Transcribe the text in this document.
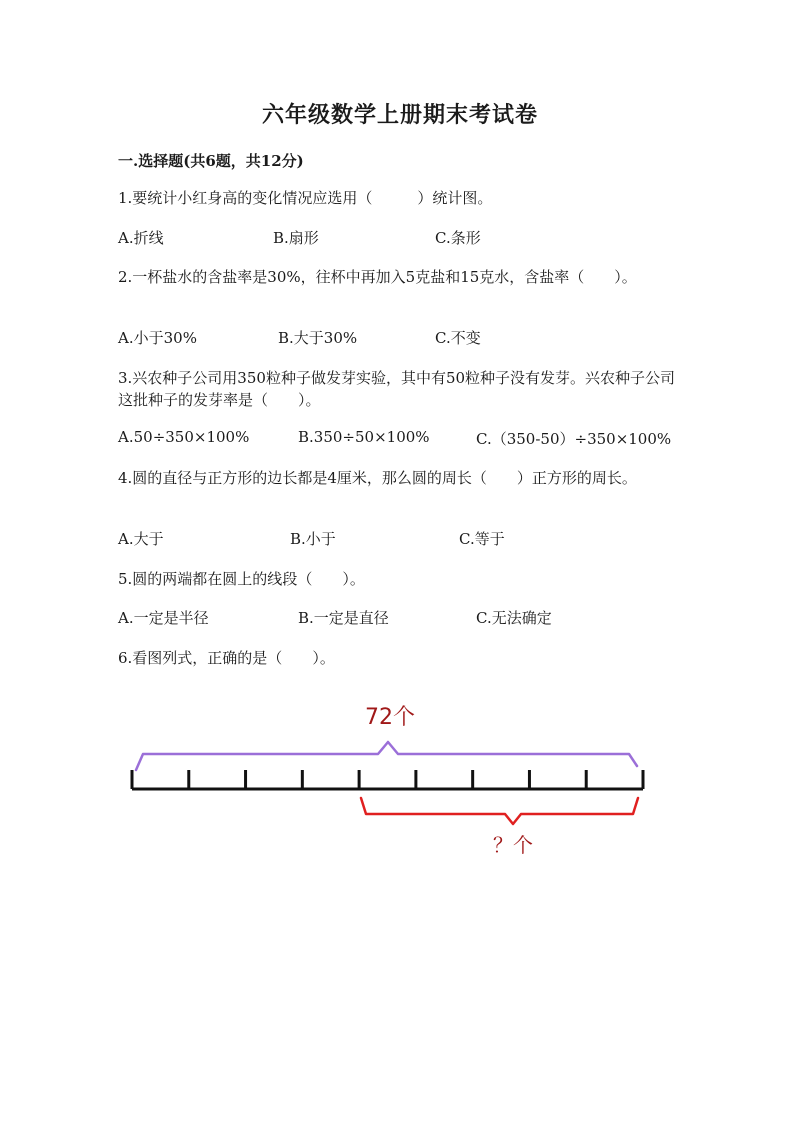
六年级数学上册期末考试卷
一.选择题(共6题，共12分)
1.要统计小红身高的变化情况应选用（　　　）统计图。
A.折线	B.扇形	C.条形
2.一杯盐水的含盐率是30%，往杯中再加入5克盐和15克水，含盐率（　　）。
A.小于30%	B.大于30%	C.不变
3.兴农种子公司用350粒种子做发芽实验，其中有50粒种子没有发芽。兴农种子公司这批种子的发芽率是（　　）。
A.50÷350×100%	B.350÷50×100%	C.（350-50）÷350×100%
4.圆的直径与正方形的边长都是4厘米，那么圆的周长（　　）正方形的周长。
A.大于	B.小于	C.等于
5.圆的两端都在圆上的线段（　　）。
A.一定是半径	B.一定是直径	C.无法确定
6.看图列式，正确的是（　　）。
72个
？个
